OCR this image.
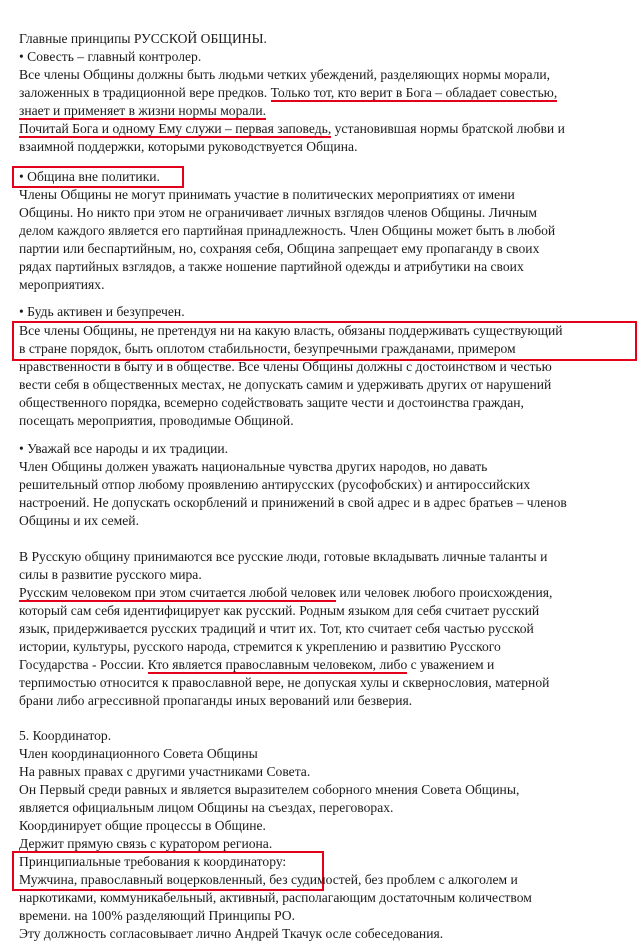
Главные принципы РУССКОЙ ОБЩИНЫ.
• Совесть – главный контролер.
Все члены Общины должны быть людьми четких убеждений, разделяющих нормы морали,
заложенных в традиционной вере предков. Только тот, кто верит в Бога – обладает совестью,
знает и применяет в жизни нормы морали.
Почитай Бога и одному Ему служи – первая заповедь, установившая нормы братской любви и
взаимной поддержки, которыми руководствуется Община.
• Община вне политики.
Члены Общины не могут принимать участие в политических мероприятиях от имени
Общины. Но никто при этом не ограничивает личных взглядов членов Общины. Личным
делом каждого является его партийная принадлежность. Член Общины может быть в любой
партии или беспартийным, но, сохраняя себя, Община запрещает ему пропаганду в своих
рядах партийных взглядов, а также ношение партийной одежды и атрибутики на своих
мероприятиях.
• Будь активен и безупречен.
Все члены Общины, не претендуя ни на какую власть, обязаны поддерживать существующий
в стране порядок, быть оплотом стабильности, безупречными гражданами, примером
нравственности в быту и в обществе. Все члены Общины должны с достоинством и честью
вести себя в общественных местах, не допускать самим и удерживать других от нарушений
общественного порядка, всемерно содействовать защите чести и достоинства граждан,
посещать мероприятия, проводимые Общиной.
• Уважай все народы и их традиции.
Член Общины должен уважать национальные чувства других народов, но давать
решительный отпор любому проявлению антирусских (русофобских) и антироссийских
настроений. Не допускать оскорблений и принижений в свой адрес и в адрес братьев – членов
Общины и их семей.
В Русскую общину принимаются все русские люди, готовые вкладывать личные таланты и
силы в развитие русского мира.
Русским человеком при этом считается любой человек или человек любого происхождения,
который сам себя идентифицирует как русский. Родным языком для себя считает русский
язык, придерживается русских традиций и чтит их. Тот, кто считает себя частью русской
истории, культуры, русского народа, стремится к укреплению и развитию Русского
Государства - России. Кто является православным человеком, либо с уважением и
терпимостью относится к православной вере, не допуская хулы и сквернословия, матерной
брани либо агрессивной пропаганды иных верований или безверия.
5. Координатор.
Член координационного Совета Общины
На равных правах с другими участниками Совета.
Он Первый среди равных и является выразителем соборного мнения Совета Общины,
является официальным лицом Общины на съездах, переговорах.
Координирует общие процессы в Общине.
Держит прямую связь с куратором региона.
Принципиальные требования к координатору:
Мужчина, православный воцерковленный, без судимостей, без проблем с алкоголем и
наркотиками, коммуникабельный, активный, располагающим достаточным количеством
времени. на 100% разделяющий Принципы РО.
Эту должность согласовывает лично Андрей Ткачук осле собеседования.
